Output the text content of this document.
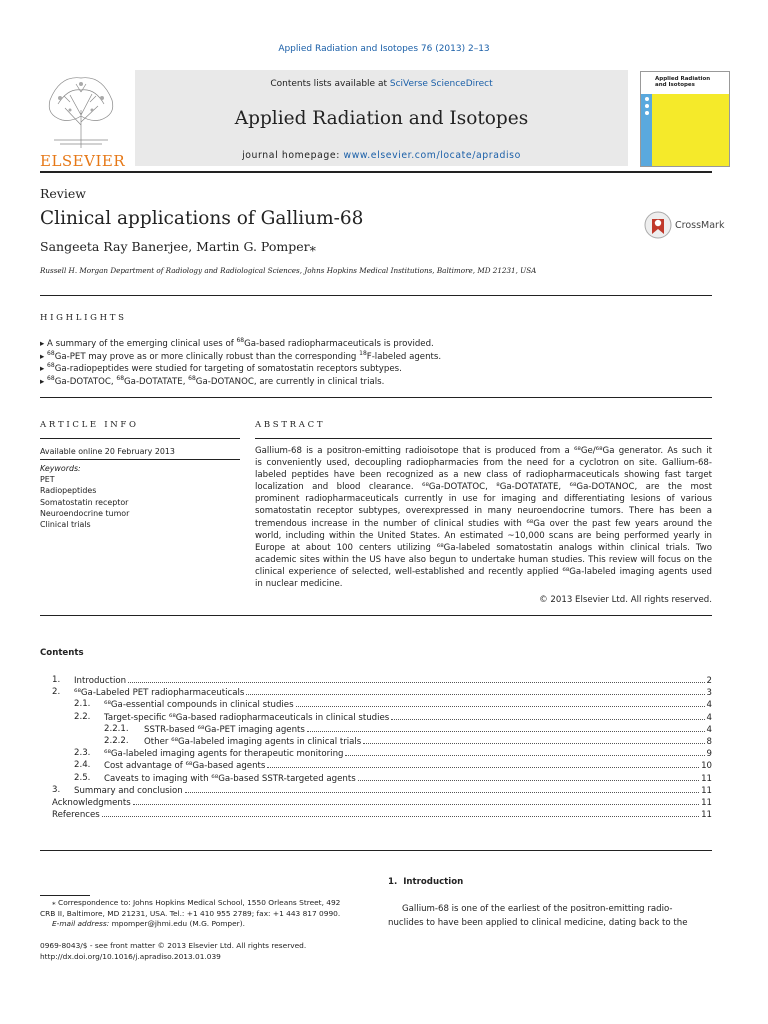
Applied Radiation and Isotopes 76 (2013) 2–13
ELSEVIER
Contents lists available at SciVerse ScienceDirect
Applied Radiation and Isotopes
journal homepage: www.elsevier.com/locate/apradiso
Applied Radiation and Isotopes
Review
Clinical applications of Gallium-68
Sangeeta Ray Banerjee, Martin G. Pomper⁎
Russell H. Morgan Department of Radiology and Radiological Sciences, Johns Hopkins Medical Institutions, Baltimore, MD 21231, USA
CrossMark
H I G H L I G H T S
▸ A summary of the emerging clinical uses of $^{68}$Ga-based radiopharmaceuticals is provided.
▸ $^{68}$Ga-PET may prove as or more clinically robust than the corresponding $^{18}$F-labeled agents.
▸ $^{68}$Ga-radiopeptides were studied for targeting of somatostatin receptors subtypes.
▸ $^{68}$Ga-DOTATOC, $^{68}$Ga-DOTATATE, $^{68}$Ga-DOTANOC, are currently in clinical trials.
A R T I C L E   I N F O
Available online 20 February 2013
Keywords:
PET
Radiopeptides
Somatostatin receptor
Neuroendocrine tumor
Clinical trials
A B S T R A C T
Gallium-68 is a positron-emitting radioisotope that is produced from a ⁶⁸Ge/⁶⁸Ga generator. As such it
is conveniently used, decoupling radiopharmacies from the need for a cyclotron on site. Gallium-68-
labeled peptides have been recognized as a new class of radiopharmaceuticals showing fast target
localization and blood clearance. ⁶⁸Ga-DOTATOC, ⁸Ga-DOTATATE, ⁶⁸Ga-DOTANOC, are the most
prominent radiopharmaceuticals currently in use for imaging and differentiating lesions of various
somatostatin receptor subtypes, overexpressed in many neuroendocrine tumors. There has been a
tremendous increase in the number of clinical studies with ⁶⁸Ga over the past few years around the
world, including within the United States. An estimated ~10,000 scans are being performed yearly in
Europe at about 100 centers utilizing ⁶⁸Ga-labeled somatostatin analogs within clinical trials. Two
academic sites within the US have also begun to undertake human studies. This review will focus on the
clinical experience of selected, well-established and recently applied ⁶⁸Ga-labeled imaging agents used
in nuclear medicine.
© 2013 Elsevier Ltd. All rights reserved.
Contents
1. Introduction	2
2. ⁶⁸Ga-Labeled PET radiopharmaceuticals	3
2.1. ⁶⁸Ga-essential compounds in clinical studies	4
2.2. Target-specific ⁶⁸Ga-based radiopharmaceuticals in clinical studies	4
2.2.1. SSTR-based ⁶⁸Ga-PET imaging agents	4
2.2.2. Other ⁶⁸Ga-labeled imaging agents in clinical trials	8
2.3. ⁶⁸Ga-labeled imaging agents for therapeutic monitoring	9
2.4. Cost advantage of ⁶⁸Ga-based agents	10
2.5. Caveats to imaging with ⁶⁸Ga-based SSTR-targeted agents	11
3. Summary and conclusion	11
Acknowledgments	11
References	11
⁎ Correspondence to: Johns Hopkins Medical School, 1550 Orleans Street, 492
CRB II, Baltimore, MD 21231, USA. Tel.: +1 410 955 2789; fax: +1 443 817 0990.
E-mail address: mpomper@jhmi.edu (M.G. Pomper).
0969-8043/$ - see front matter © 2013 Elsevier Ltd. All rights reserved.
http://dx.doi.org/10.1016/j.apradiso.2013.01.039
1.  Introduction
Gallium-68 is one of the earliest of the positron-emitting radio-
nuclides to have been applied to clinical medicine, dating back to the
